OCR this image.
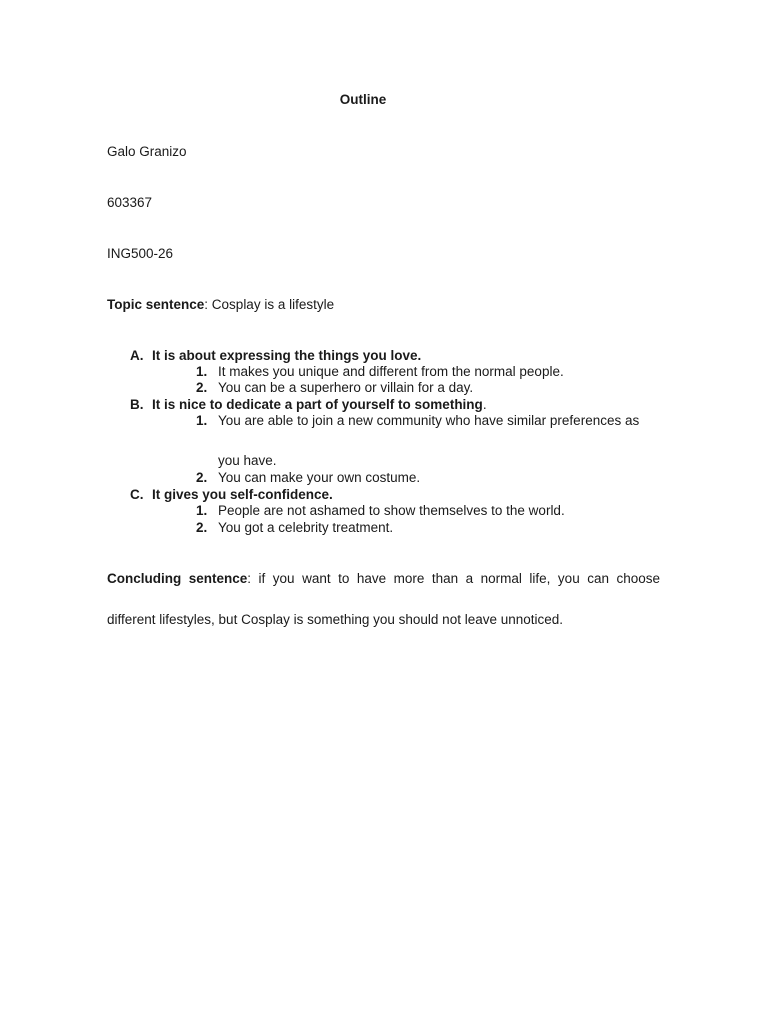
Outline
Galo Granizo
603367
ING500-26
Topic sentence: Cosplay is a lifestyle
A. It is about expressing the things you love.
1. It makes you unique and different from the normal people.
2. You can be a superhero or villain for a day.
B. It is nice to dedicate a part of yourself to something.
1. You are able to join a new community who have similar preferences as
you have.
2. You can make your own costume.
C. It gives you self-confidence.
1. People are not ashamed to show themselves to the world.
2. You got a celebrity treatment.
Concluding sentence: if you want to have more than a normal life, you can choose
different lifestyles, but Cosplay is something you should not leave unnoticed.
